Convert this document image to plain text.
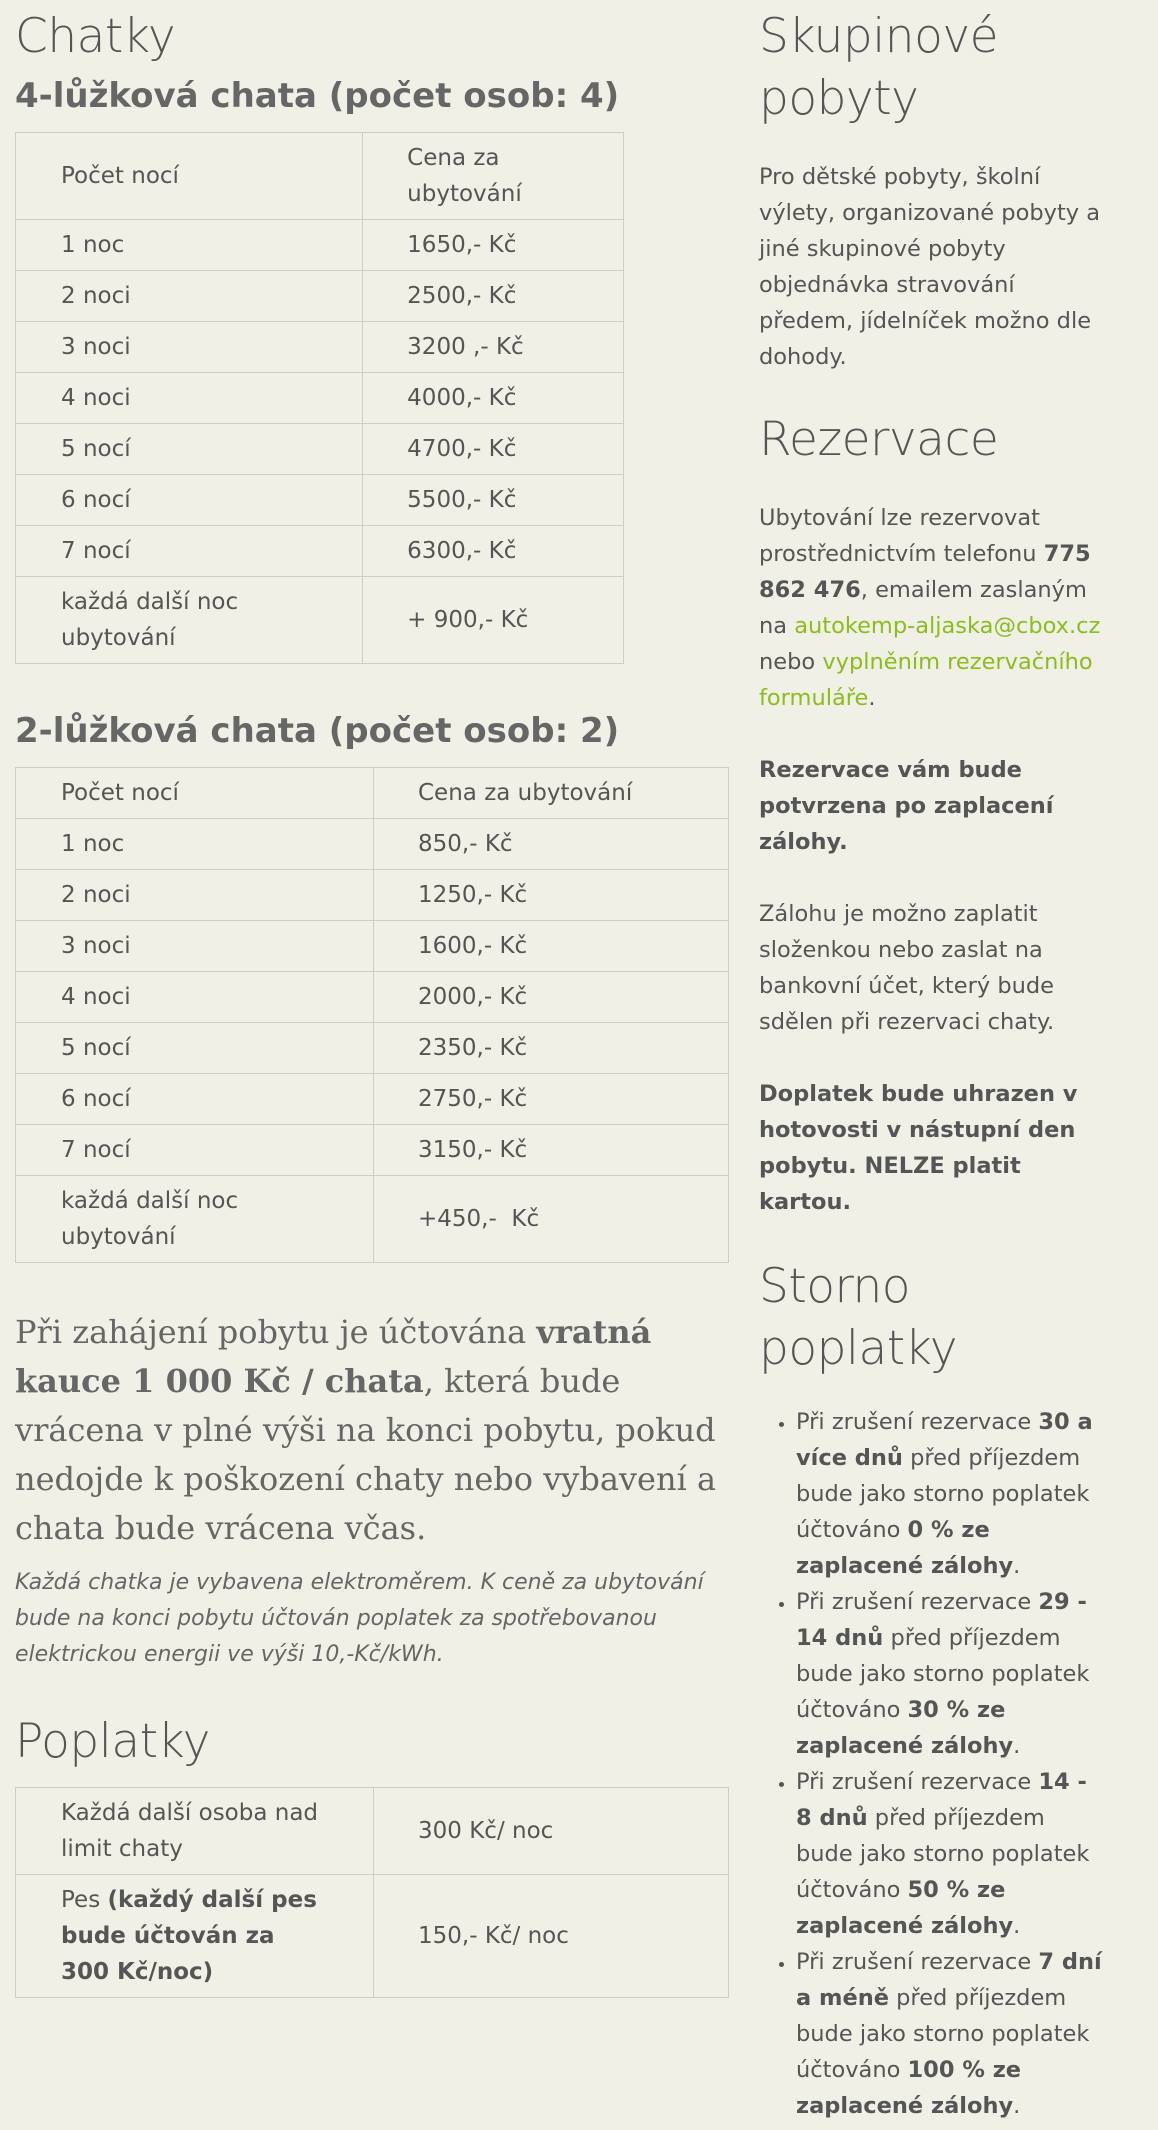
Chatky
4-lůžková chata (počet osob: 4)
Počet nocí	Cena za ubytování
1 noc	1650,- Kč
2 noci	2500,- Kč
3 noci	3200 ,- Kč
4 noci	4000,- Kč
5 nocí	4700,- Kč
6 nocí	5500,- Kč
7 nocí	6300,- Kč
každá další noc ubytování	+ 900,- Kč
2-lůžková chata (počet osob: 2)
Počet nocí	Cena za ubytování
1 noc	850,- Kč
2 noci	1250,- Kč
3 noci	1600,- Kč
4 noci	2000,- Kč
5 nocí	2350,- Kč
6 nocí	2750,- Kč
7 nocí	3150,- Kč
každá další noc ubytování	+450,-  Kč

Při zahájení pobytu je účtována vratná kauce 1 000 Kč / chata, která bude vrácena v plné výši na konci pobytu, pokud nedojde k poškození chaty nebo vybavení a chata bude vrácena včas.

Každá chatka je vybavena elektroměrem. K ceně za ubytování bude na konci pobytu účtován poplatek za spotřebovanou elektrickou energii ve výši 10,-Kč/kWh.

Poplatky
Každá další osoba nad limit chaty	300 Kč/ noc
Pes (každý další pes bude účtován za 300 Kč/noc)	150,- Kč/ noc
Skupinové pobyty

Pro dětské pobyty, školní výlety, organizované pobyty a jiné skupinové pobyty objednávka stravování předem, jídelníček možno dle dohody.

Rezervace

Ubytování lze rezervovat prostřednictvím telefonu 775 862 476, emailem zaslaným na autokemp-aljaska@cbox.cz nebo vyplněním rezervačního formuláře.

Rezervace vám bude potvrzena po zaplacení zálohy.

Zálohu je možno zaplatit složenkou nebo zaslat na bankovní účet, který bude sdělen při rezervaci chaty.

Doplatek bude uhrazen v hotovosti v nástupní den pobytu. NELZE platit kartou.

Storno poplatky
• Při zrušení rezervace 30 a více dnů před příjezdem bude jako storno poplatek účtováno 0 % ze zaplacené zálohy.
• Při zrušení rezervace 29 - 14 dnů před příjezdem bude jako storno poplatek účtováno 30 % ze zaplacené zálohy.
• Při zrušení rezervace 14 - 8 dnů před příjezdem bude jako storno poplatek účtováno 50 % ze zaplacené zálohy.
• Při zrušení rezervace 7 dní a méně před příjezdem bude jako storno poplatek účtováno 100 % ze zaplacené zálohy.
